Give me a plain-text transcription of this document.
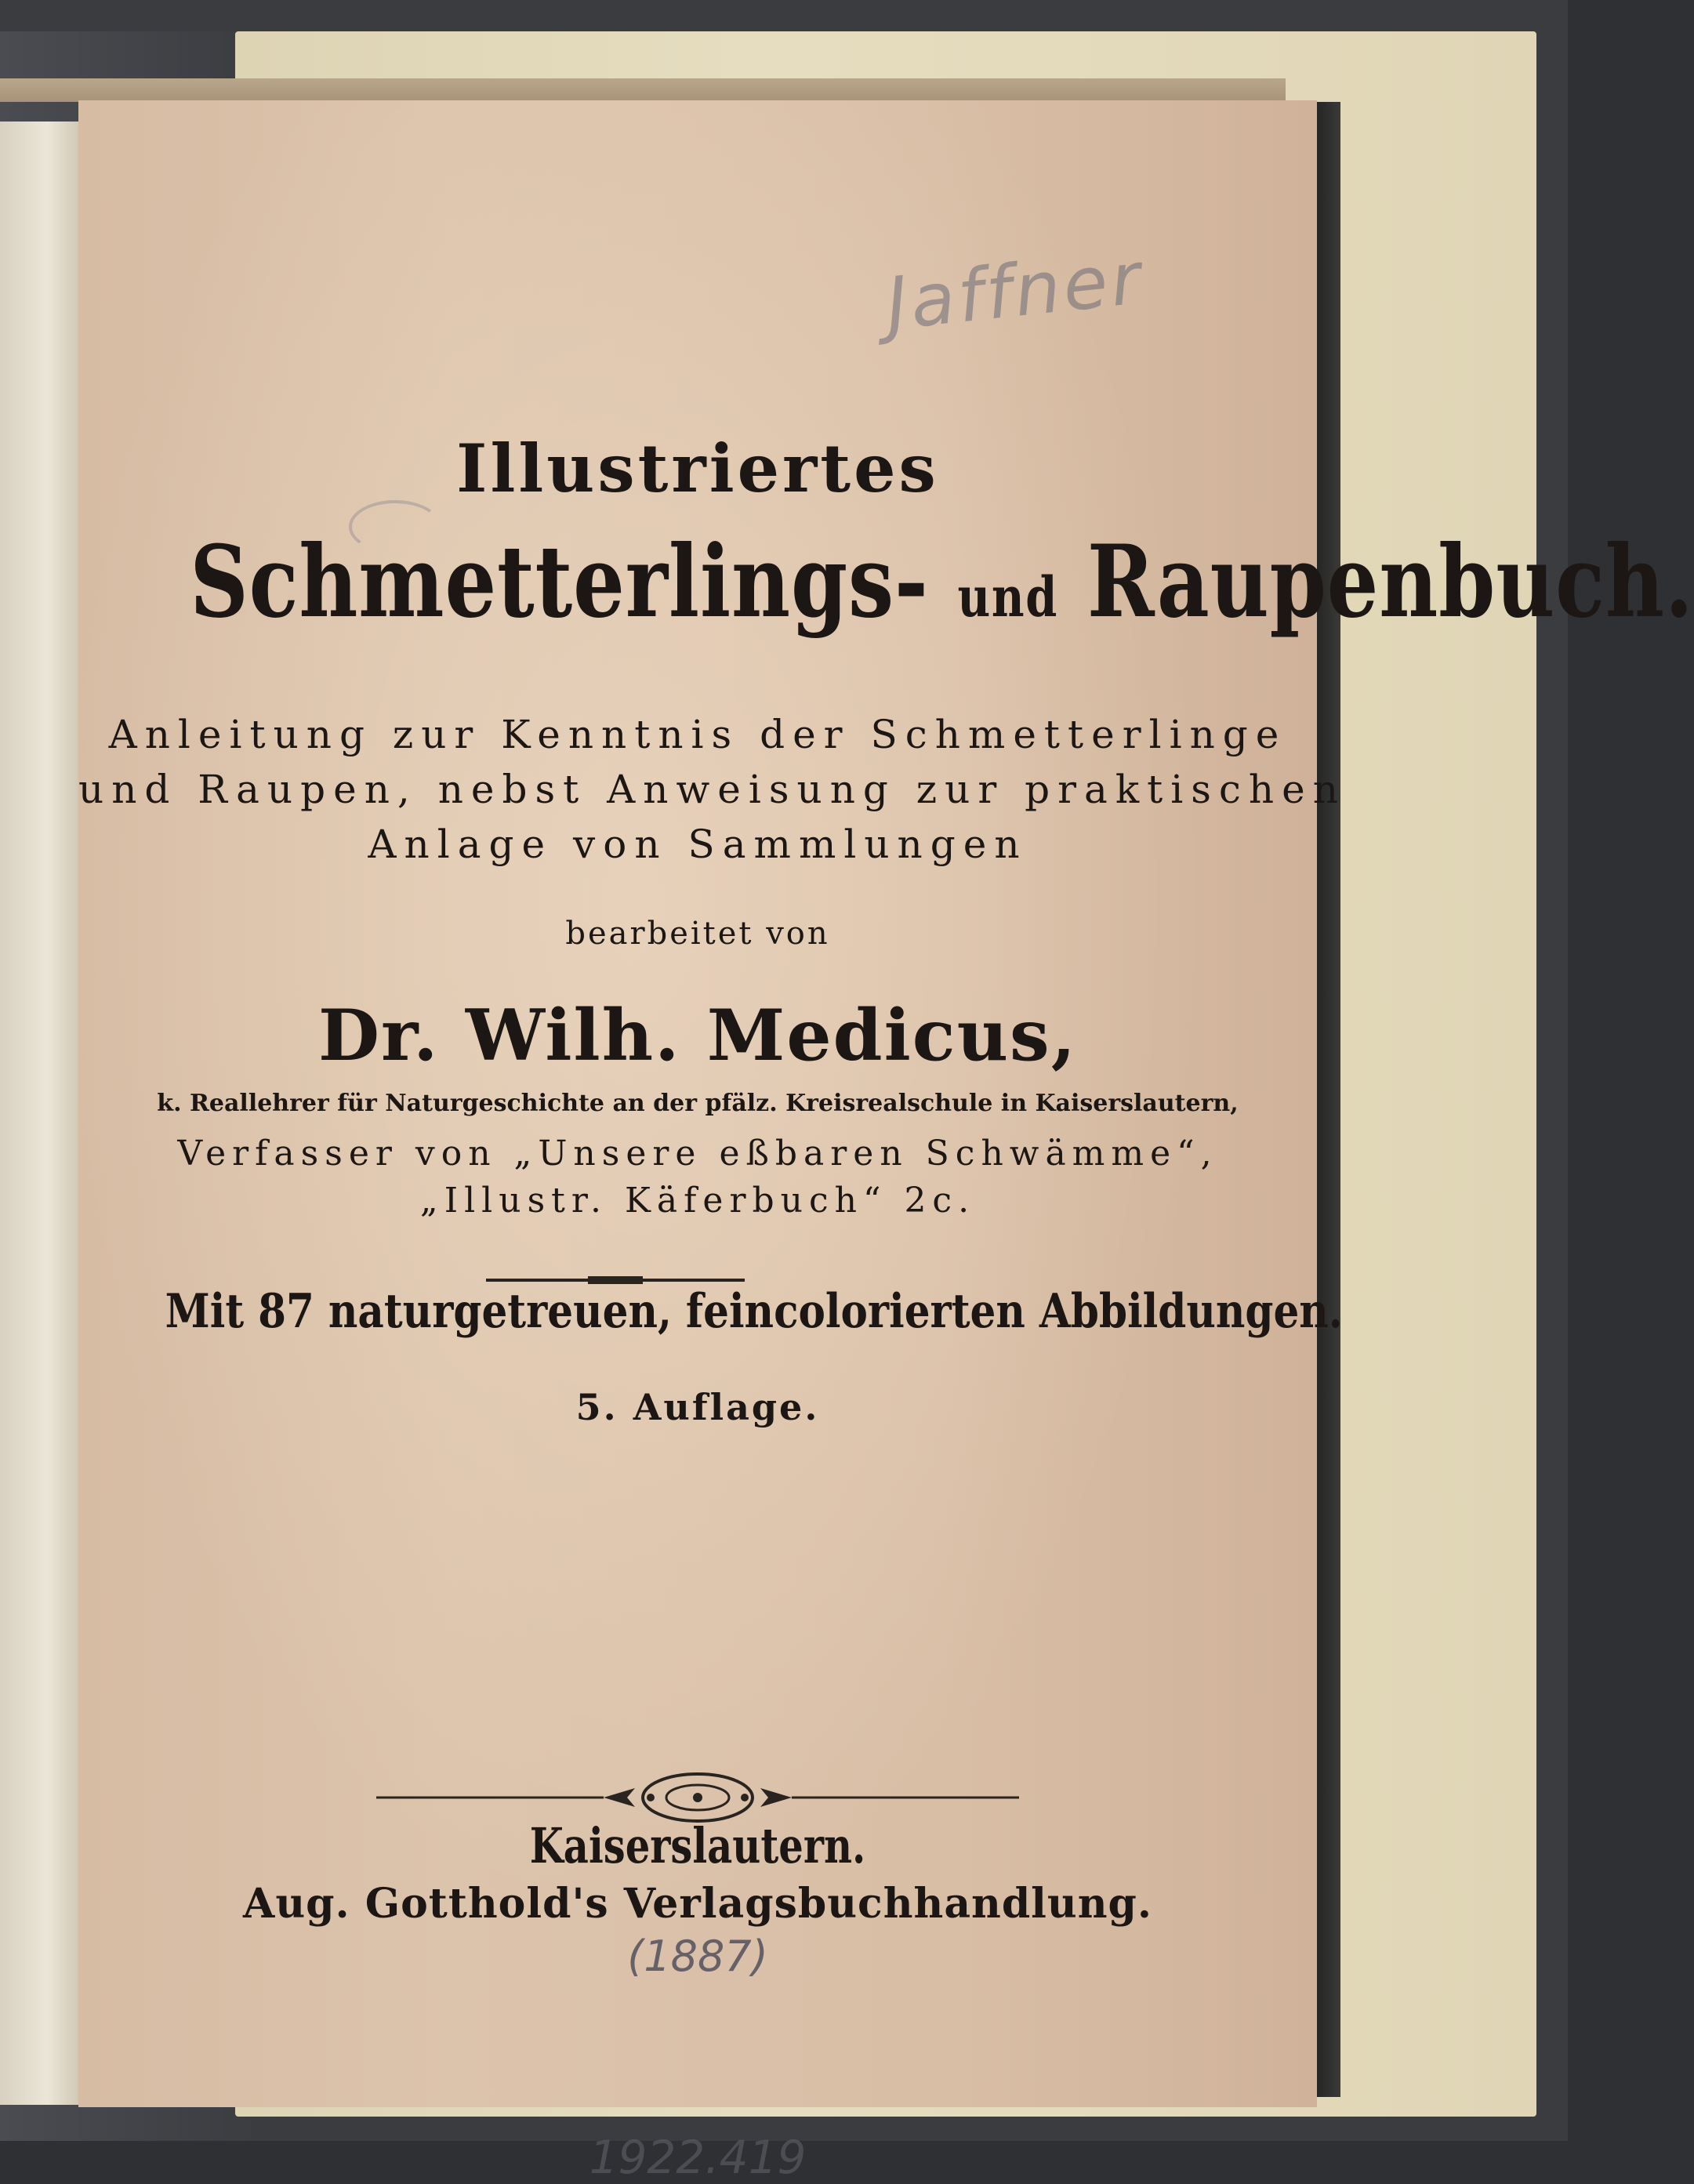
Jaffner
Illustriertes
Schmetterlings- und Raupenbuch.
Anleitung zur Kenntnis der Schmetterlinge
und Raupen, nebst Anweisung zur praktischen
Anlage von Sammlungen
bearbeitet von
Dr. Wilh. Medicus,
k. Reallehrer für Naturgeschichte an der pfälz. Kreisrealschule in Kaiserslautern,
Verfasser von „Unsere eßbaren Schwämme“,
„Illustr. Käferbuch“ 2c.
Mit 87 naturgetreuen, feincolorierten Abbildungen.
5. Auflage.
Kaiserslautern.
Aug. Gotthold's Verlagsbuchhandlung.
(1887)
1922.419
